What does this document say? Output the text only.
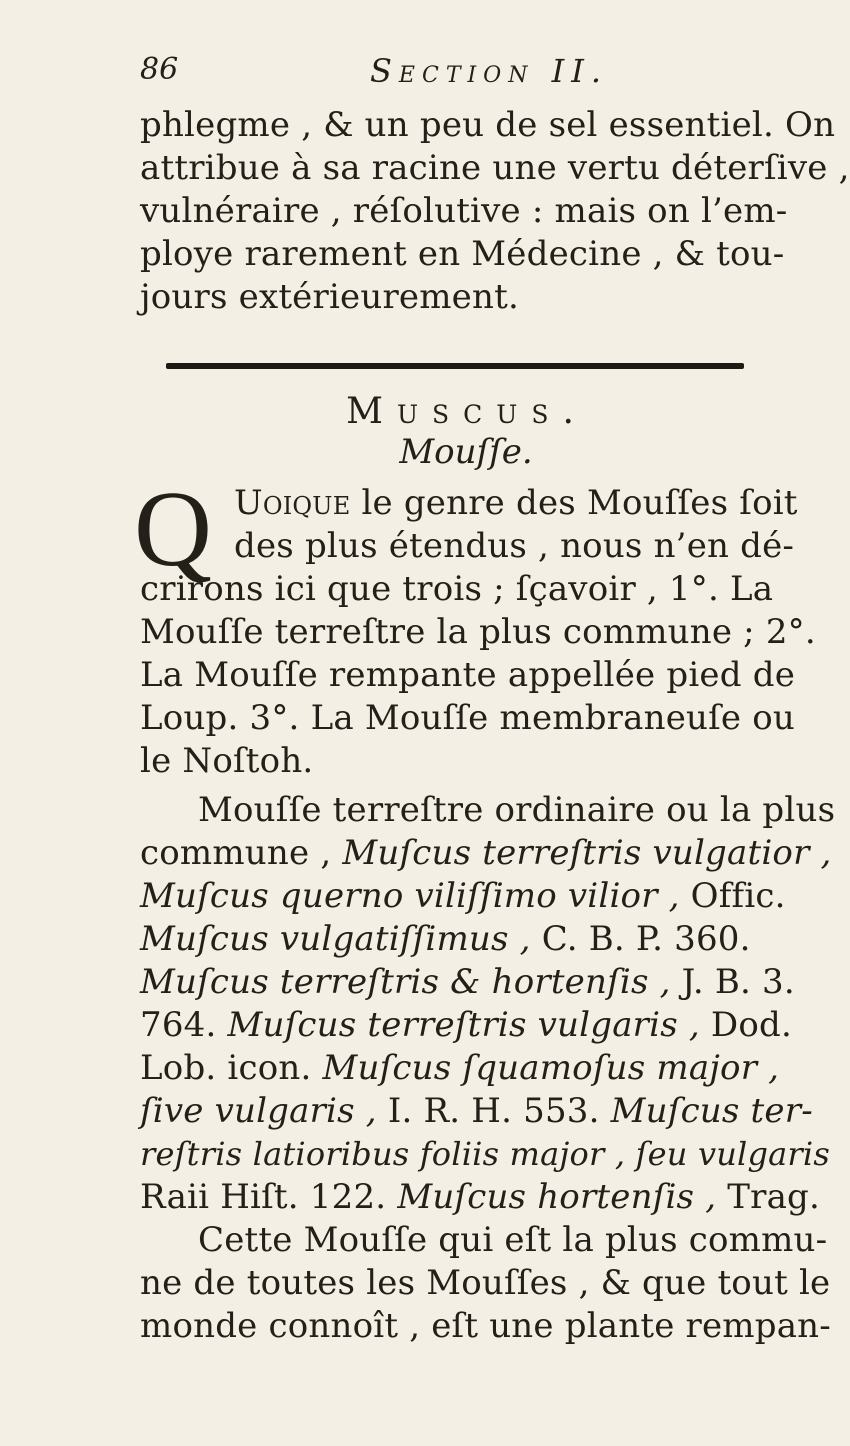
86	Section II.
phlegme , & un peu de sel essentiel. On
attribue à sa racine une vertu déterſive ,
vulnéraire , réſolutive : mais on l’em-
ploye rarement en Médecine , & tou-
jours extérieurement.
Muscus.
Mouſſe.
Q Uoique le genre des Mouſſes ſoit
des plus étendus , nous n’en dé-
crirons ici que trois ; ſçavoir , 1°. La
Mouſſe terreſtre la plus commune ; 2°.
La Mouſſe rempante appellée pied de
Loup. 3°. La Mouſſe membraneuſe ou
le Noſtoh.
Mouſſe terreſtre ordinaire ou la plus
commune , Muſcus terreſtris vulgatior ,
Muſcus querno viliſſimo vilior , Offic.
Muſcus vulgatiſſimus , C. B. P. 360.
Muſcus terreſtris & hortenſis , J. B. 3.
764. Muſcus terreſtris vulgaris , Dod.
Lob. icon. Muſcus ſquamoſus major ,
ſive vulgaris , I. R. H. 553. Muſcus ter-
reſtris latioribus foliis major , ſeu vulgaris
Raii Hiſt. 122. Muſcus hortenſis , Trag.
Cette Mouſſe qui eſt la plus commu-
ne de toutes les Mouſſes , & que tout le
monde connoît , eſt une plante rempan-
